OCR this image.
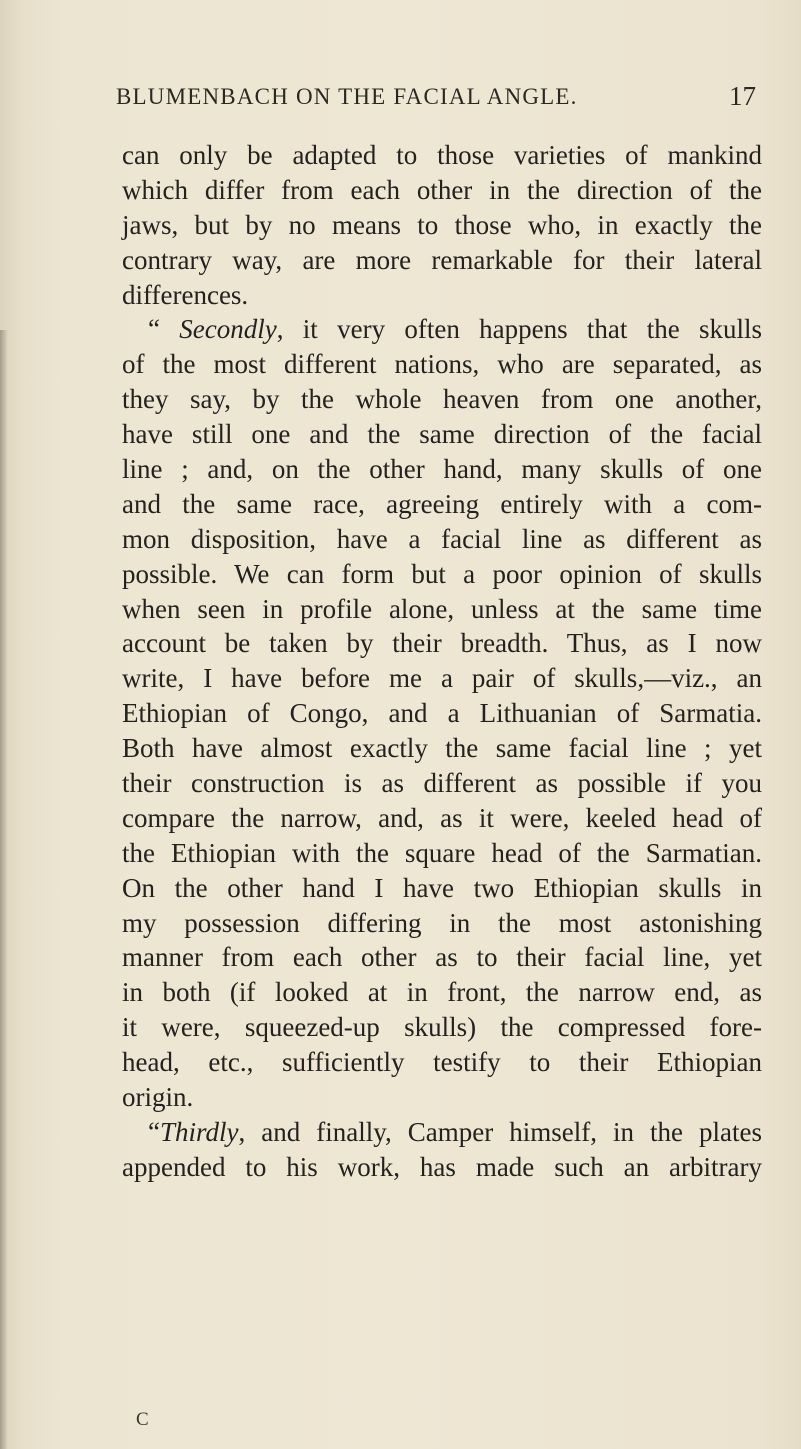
BLUMENBACH ON THE FACIAL ANGLE.	17
can only be adapted to those varieties of mankind
which differ from each other in the direction of the
jaws, but by no means to those who, in exactly the
contrary way, are more remarkable for their lateral
differences.
“ Secondly, it very often happens that the skulls
of the most different nations, who are separated, as
they say, by the whole heaven from one another,
have still one and the same direction of the facial
line ; and, on the other hand, many skulls of one
and the same race, agreeing entirely with a com-
mon disposition, have a facial line as different as
possible. We can form but a poor opinion of skulls
when seen in profile alone, unless at the same time
account be taken by their breadth. Thus, as I now
write, I have before me a pair of skulls,—viz., an
Ethiopian of Congo, and a Lithuanian of Sarmatia.
Both have almost exactly the same facial line ; yet
their construction is as different as possible if you
compare the narrow, and, as it were, keeled head of
the Ethiopian with the square head of the Sarmatian.
On the other hand I have two Ethiopian skulls in
my possession differing in the most astonishing
manner from each other as to their facial line, yet
in both (if looked at in front, the narrow end, as
it were, squeezed-up skulls) the compressed fore-
head, etc., sufficiently testify to their Ethiopian
origin.
“Thirdly, and finally, Camper himself, in the plates
appended to his work, has made such an arbitrary
C
